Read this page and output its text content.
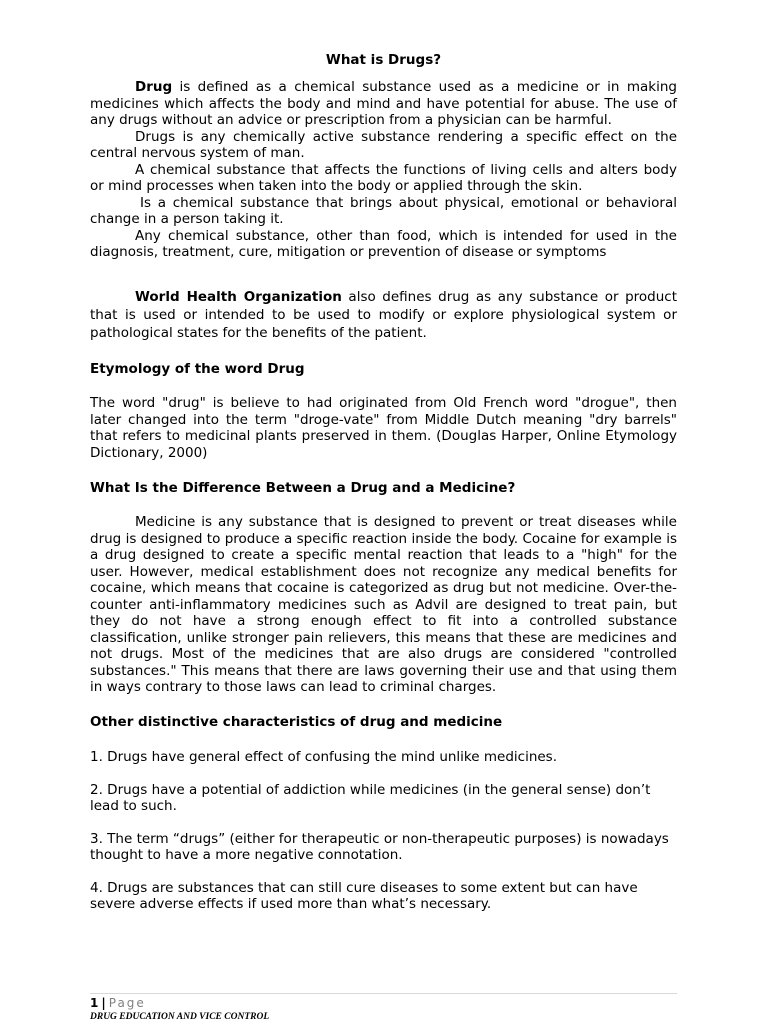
What is Drugs?

Drug is defined as a chemical substance used as a medicine or in making medicines which affects the body and mind and have potential for abuse. The use of any drugs without an advice or prescription from a physician can be harmful.

Drugs is any chemically active substance rendering a specific effect on the central nervous system of man.

A chemical substance that affects the functions of living cells and alters body or mind processes when taken into the body or applied through the skin.

Is a chemical substance that brings about physical, emotional or behavioral change in a person taking it.

Any chemical substance, other than food, which is intended for used in the diagnosis, treatment, cure, mitigation or prevention of disease or symptoms

World Health Organization also defines drug as any substance or product that is used or intended to be used to modify or explore physiological system or pathological states for the benefits of the patient.

Etymology of the word Drug

The word "drug" is believe to had originated from Old French word "drogue", then later changed into the term "droge-vate" from Middle Dutch meaning "dry barrels" that refers to medicinal plants preserved in them. (Douglas Harper, Online Etymology Dictionary, 2000)

What Is the Difference Between a Drug and a Medicine?

Medicine is any substance that is designed to prevent or treat diseases while drug is designed to produce a specific reaction inside the body. Cocaine for example is a drug designed to create a specific mental reaction that leads to a "high" for the user. However, medical establishment does not recognize any medical benefits for cocaine, which means that cocaine is categorized as drug but not medicine. Over-the-counter anti-inflammatory medicines such as Advil are designed to treat pain, but they do not have a strong enough effect to fit into a controlled substance classification, unlike stronger pain relievers, this means that these are medicines and not drugs. Most of the medicines that are also drugs are considered "controlled substances." This means that there are laws governing their use and that using them in ways contrary to those laws can lead to criminal charges.

Other distinctive characteristics of drug and medicine

1. Drugs have general effect of confusing the mind unlike medicines.

2. Drugs have a potential of addiction while medicines (in the general sense) don’t lead to such.

3. The term “drugs” (either for therapeutic or non-therapeutic purposes) is nowadays thought to have a more negative connotation.

4. Drugs are substances that can still cure diseases to some extent but can have severe adverse effects if used more than what’s necessary.

1 | Page
DRUG EDUCATION AND VICE CONTROL
